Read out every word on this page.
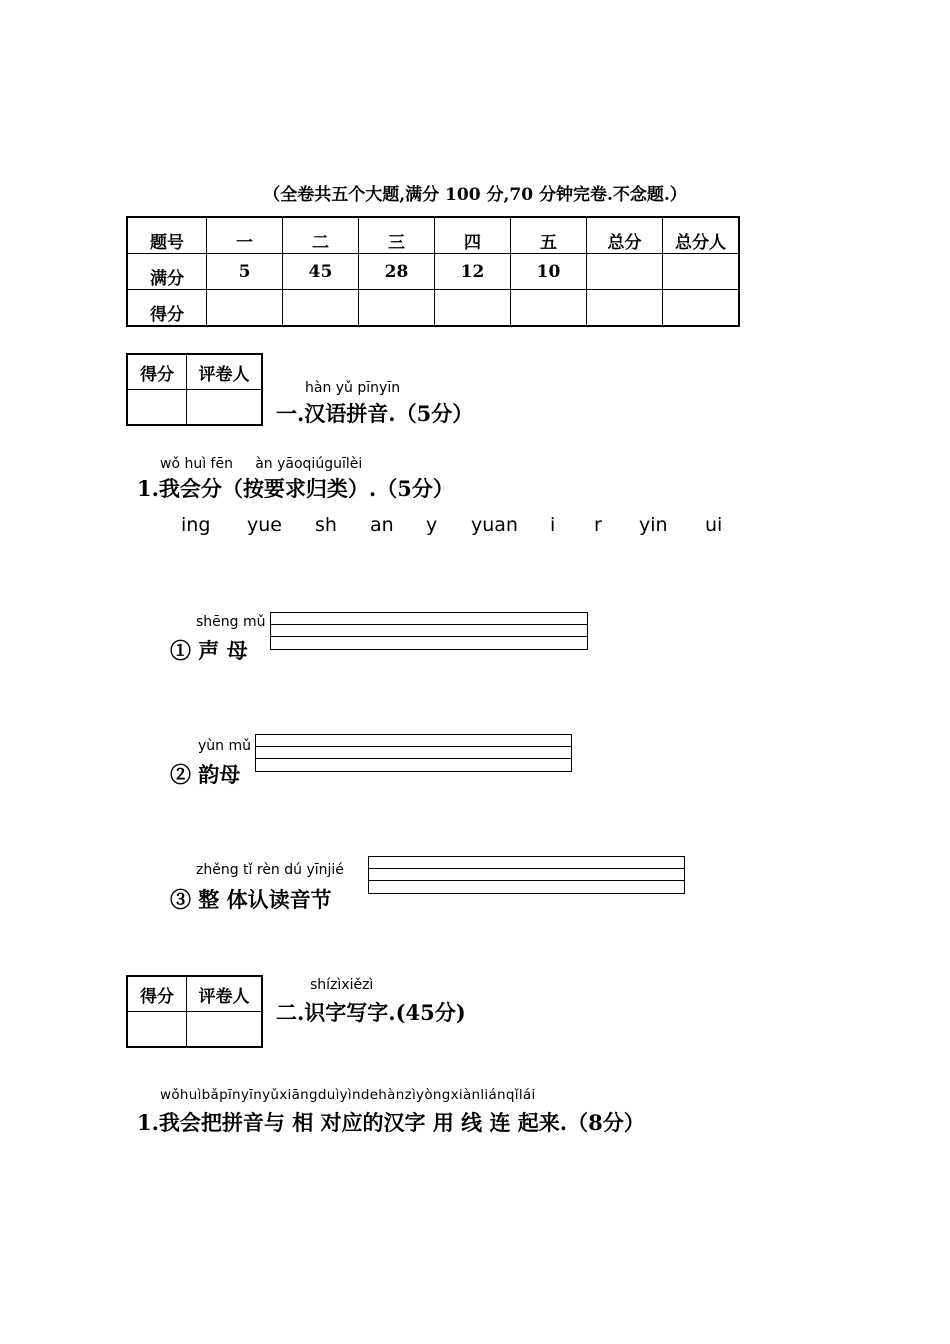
（全卷共五个大题,满分 100 分,70 分钟完卷.不念题.）
题号	一	二	三	四	五	总分	总分人
满分	5	45	28	12	10		
得分							
得分	评卷人

hàn yǔ pīnyīn
一.汉语拼音.（5分）
wǒ huì fēn     àn yāoqiúguīlèi
1.我会分（按要求归类）.（5分）
ing yue sh an y yuan i r yin ui
shēng mǔ
① 声 母
yùn mǔ
② 韵母
zhěng tǐ rèn dú yīnjié
③ 整 体认读音节
得分	评卷人

shízìxiězì
二.识字写字.(45分)
wǒhuìbǎpīnyīnyǔxiāngduìyìndehànzìyòngxiànliánqǐlái
1.我会把拼音与 相 对应的汉字 用 线 连 起来.（8分）
